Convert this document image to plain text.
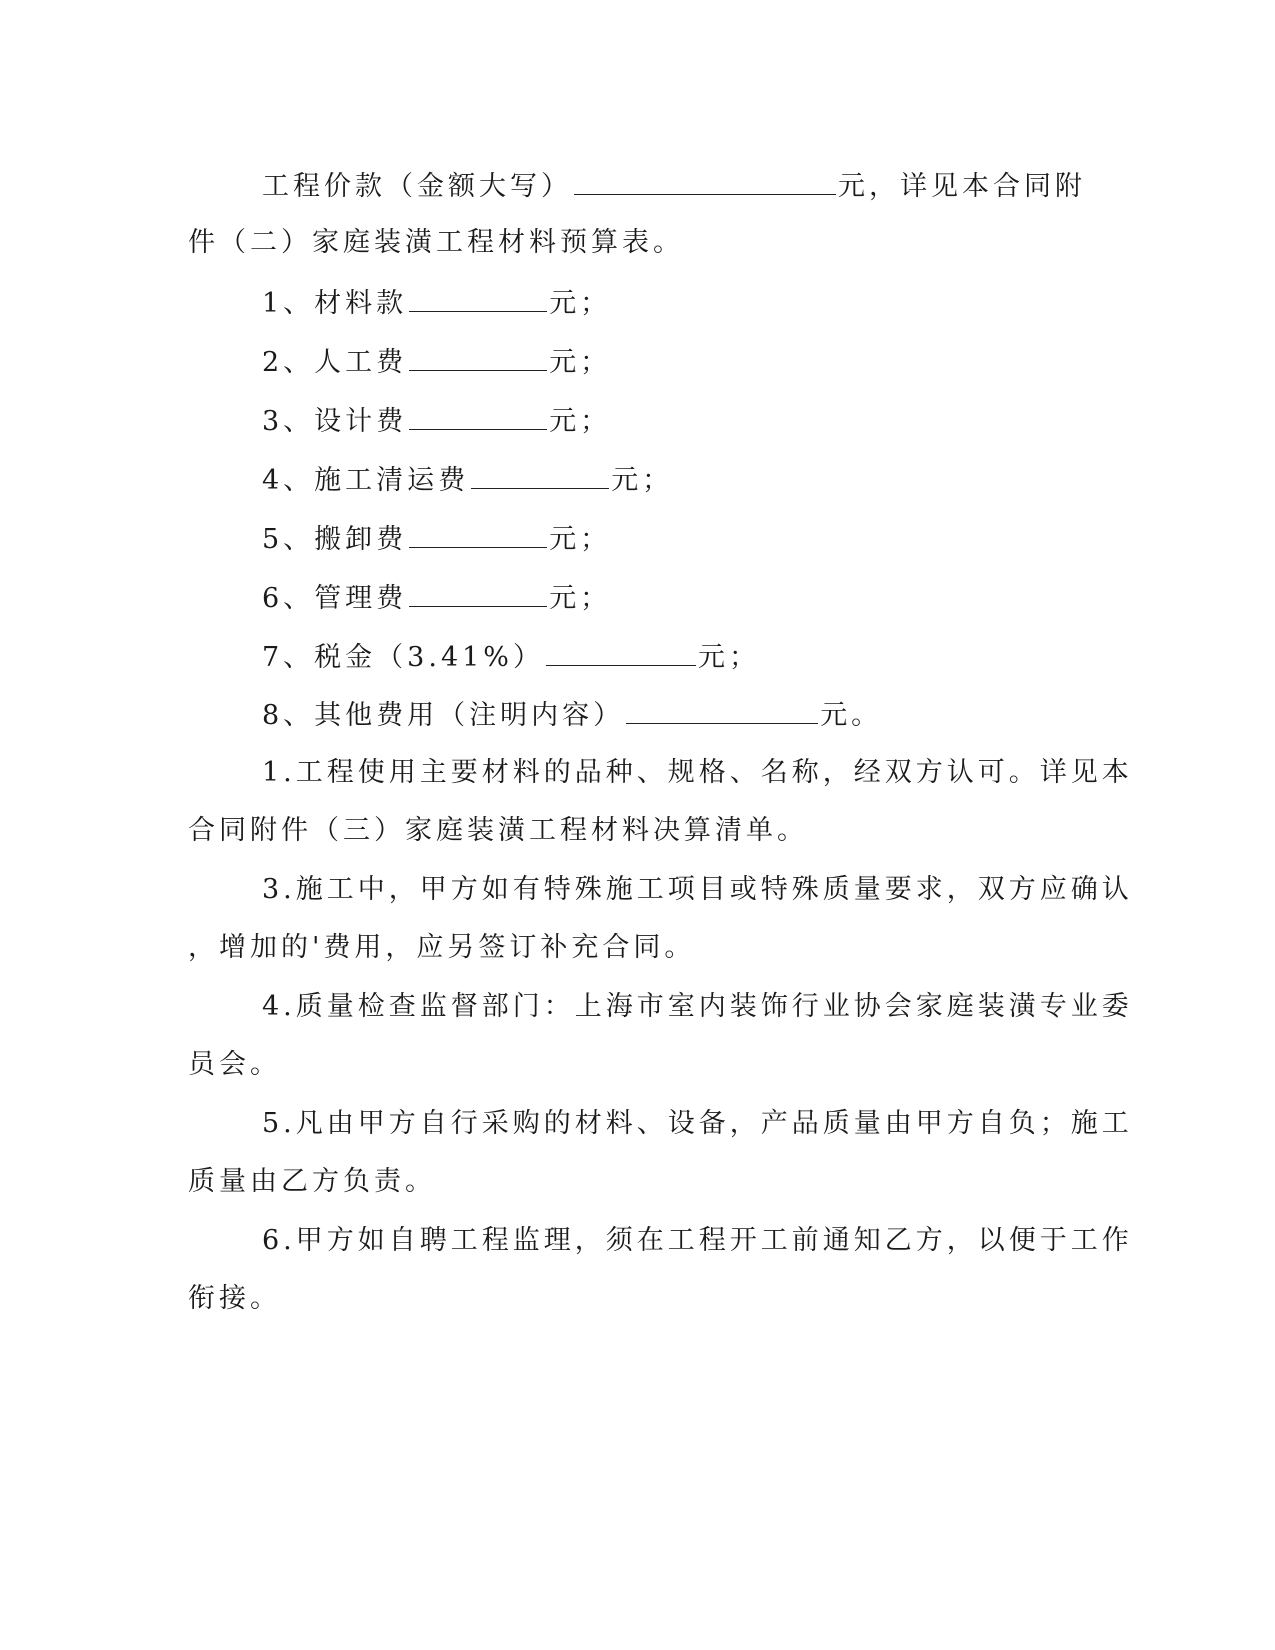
工程价款（金额大写）	元，详见本合同附
件（二）家庭装潢工程材料预算表。
1、材料款	元；
2、人工费	元；
3、设计费	元；
4、施工清运费	元；
5、搬卸费	元；
6、管理费	元；
7、税金（3.41%）	元；
8、其他费用（注明内容）	元。
1.工程使用主要材料的品种、规格、名称，经双方认可。详见本
合同附件（三）家庭装潢工程材料决算清单。
3.施工中，甲方如有特殊施工项目或特殊质量要求，双方应确认
，增加的'费用，应另签订补充合同。
4.质量检查监督部门：上海市室内装饰行业协会家庭装潢专业委
员会。
5.凡由甲方自行采购的材料、设备，产品质量由甲方自负；施工
质量由乙方负责。
6.甲方如自聘工程监理，须在工程开工前通知乙方，以便于工作
衔接。
